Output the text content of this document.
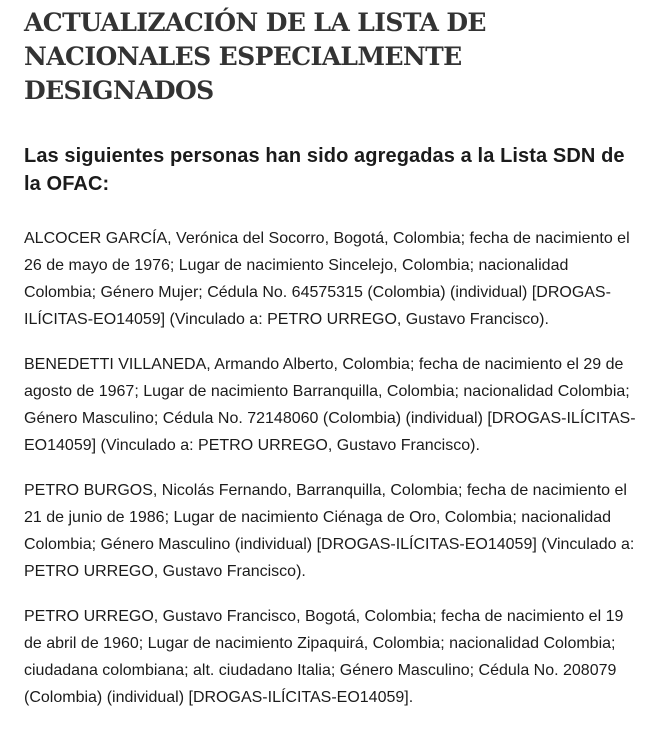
ACTUALIZACIÓN DE LA LISTA DE NACIONALES ESPECIALMENTE DESIGNADOS
Las siguientes personas han sido agregadas a la Lista SDN de la OFAC:

ALCOCER GARCÍA, Verónica del Socorro, Bogotá, Colombia; fecha de nacimiento el 26 de mayo de 1976; Lugar de nacimiento Sincelejo, Colombia; nacionalidad Colombia; Género Mujer; Cédula No. 64575315 (Colombia) (individual) [DROGAS-ILÍCITAS-EO14059] (Vinculado a: PETRO URREGO, Gustavo Francisco).

BENEDETTI VILLANEDA, Armando Alberto, Colombia; fecha de nacimiento el 29 de agosto de 1967; Lugar de nacimiento Barranquilla, Colombia; nacionalidad Colombia; Género Masculino; Cédula No. 72148060 (Colombia) (individual) [DROGAS-ILÍCITAS-EO14059] (Vinculado a: PETRO URREGO, Gustavo Francisco).

PETRO BURGOS, Nicolás Fernando, Barranquilla, Colombia; fecha de nacimiento el 21 de junio de 1986; Lugar de nacimiento Ciénaga de Oro, Colombia; nacionalidad Colombia; Género Masculino (individual) [DROGAS-ILÍCITAS-EO14059] (Vinculado a: PETRO URREGO, Gustavo Francisco).

PETRO URREGO, Gustavo Francisco, Bogotá, Colombia; fecha de nacimiento el 19 de abril de 1960; Lugar de nacimiento Zipaquirá, Colombia; nacionalidad Colombia; ciudadana colombiana; alt. ciudadano Italia; Género Masculino; Cédula No. 208079 (Colombia) (individual) [DROGAS-ILÍCITAS-EO14059].
